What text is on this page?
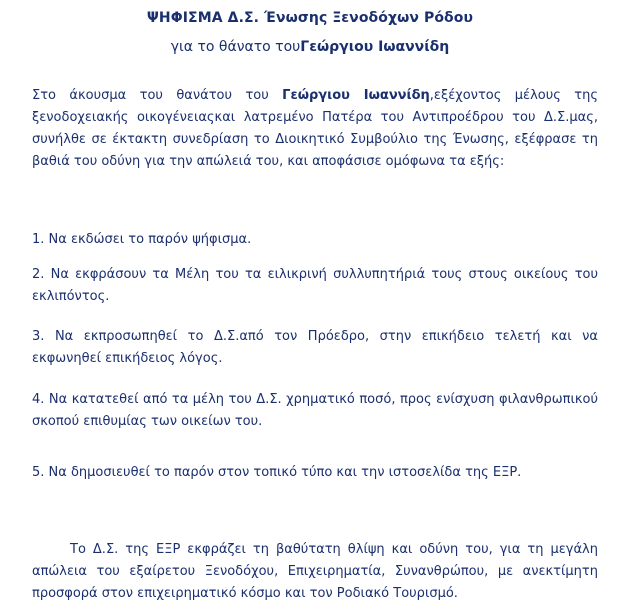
ΨΗΦΙΣΜΑ Δ.Σ. Ένωσης Ξενοδόχων Ρόδου
για το θάνατο τουΓεώργιου Ιωαννίδη
Στο άκουσμα του θανάτου του Γεώργιου Ιωαννίδη,εξέχοντος μέλους της ξενοδοχειακής οικογένειαςκαι λατρεμένο Πατέρα του Αντιπροέδρου του Δ.Σ.μας, συνήλθε σε έκτακτη συνεδρίαση το Διοικητικό Συμβούλιο της Ένωσης, εξέφρασε τη βαθιά του οδύνη για την απώλειά του, και αποφάσισε ομόφωνα τα εξής:
1. Να εκδώσει το παρόν ψήφισμα.
2. Να εκφράσουν τα Μέλη του τα ειλικρινή συλλυπητήριά τους στους οικείους του εκλιπόντος.
3. Να εκπροσωπηθεί το Δ.Σ.από τον Πρόεδρο, στην επικήδειο τελετή και να εκφωνηθεί επικήδειος λόγος.
4. Να κατατεθεί από τα μέλη του Δ.Σ. χρηματικό ποσό, προς ενίσχυση φιλανθρωπικού σκοπού επιθυμίας των οικείων του.
5. Να δημοσιευθεί το παρόν στον τοπικό τύπο και την ιστοσελίδα της ΕΞΡ.
Το Δ.Σ. της ΕΞΡ εκφράζει τη βαθύτατη θλίψη και οδύνη του, για τη μεγάλη απώλεια του εξαίρετου Ξενοδόχου, Επιχειρηματία, Συνανθρώπου, με ανεκτίμητη προσφορά στον επιχειρηματικό κόσμο και τον Ροδιακό Τουρισμό.
